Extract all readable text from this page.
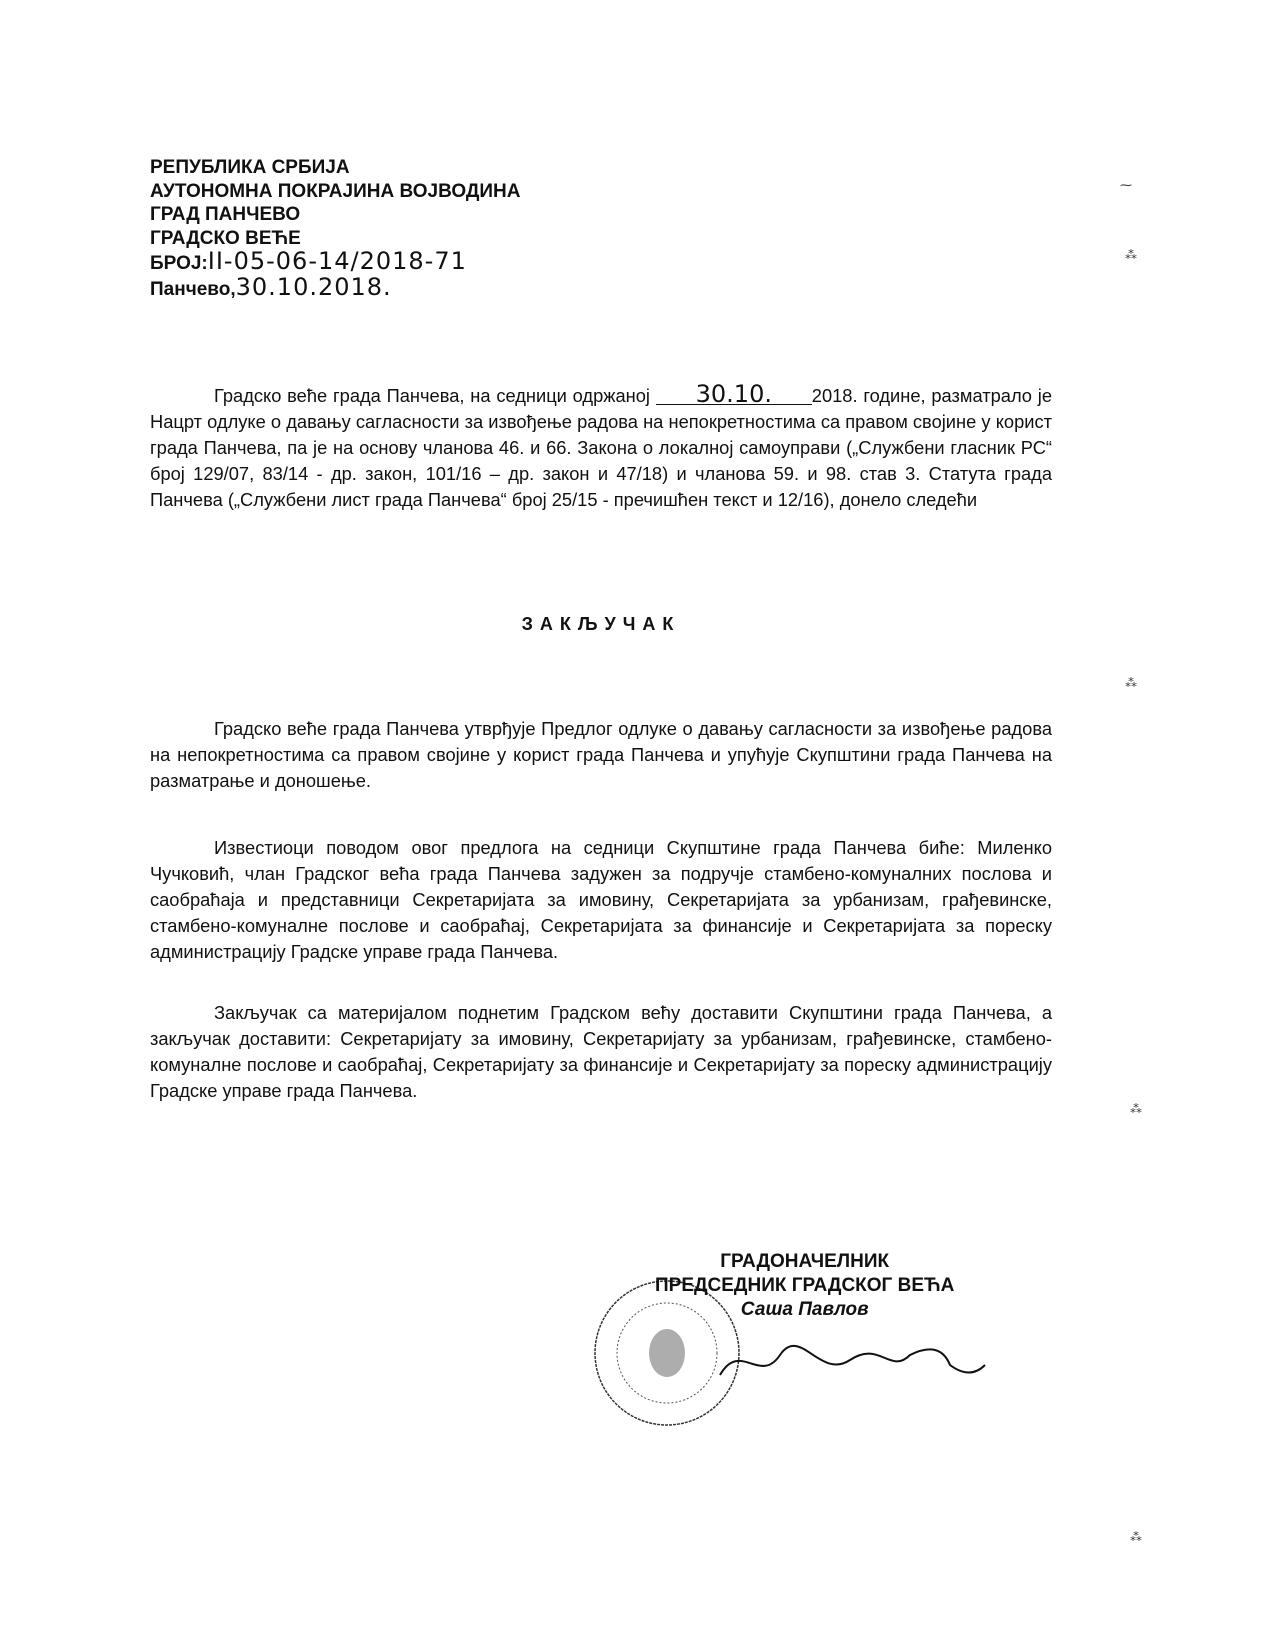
РЕПУБЛИКА СРБИЈА
АУТОНОМНА ПОКРАЈИНА ВОЈВОДИНА
ГРАД ПАНЧЕВО
ГРАДСКО ВЕЋЕ
БРОЈ:II-05-06-14/2018-71
Панчево,30.10.2018.
Градско веће града Панчева, на седници одржаној 30.10. 2018. године, разматрало је Нацрт одлуке о давању сагласности за извођење радова на непокретностима са правом својине у корист града Панчева, па је на основу чланова 46. и 66. Закона о локалној самоуправи („Службени гласник РС“ број 129/07, 83/14 - др. закон, 101/16 – др. закон и 47/18) и чланова 59. и 98. став 3. Статута града Панчева („Службени лист града Панчева“ број 25/15 - пречишћен текст и 12/16), донело следећи
ЗАКЉУЧАК
Градско веће града Панчева утврђује Предлог одлуке о давању сагласности за извођење радова на непокретностима са правом својине у корист града Панчева и упућује Скупштини града Панчева на разматрање и доношење.
Известиоци поводом овог предлога на седници Скупштине града Панчева биће: Миленко Чучковић, члан Градског већа града Панчева задужен за подручје стамбено-комуналних послова и саобраћаја и представници Секретаријата за имовину, Секретаријата за урбанизам, грађевинске, стамбено-комуналне послове и саобраћај, Секретаријата за финансије и Секретаријата за пореску администрацију Градске управе града Панчева.
Закључак са материјалом поднетим Градском већу доставити Скупштини града Панчева, а закључак доставити: Секретаријату за имовину, Секретаријату за урбанизам, грађевинске, стамбено-комуналне послове и саобраћај, Секретаријату за финансије и Секретаријату за пореску администрацију Градске управе града Панчева.
ГРАДОНАЧЕЛНИК
ПРЕДСЕДНИК ГРАДСКОГ ВЕЋА
Саша Павлов
⁓
⁂
⁂
⁂
⁂
